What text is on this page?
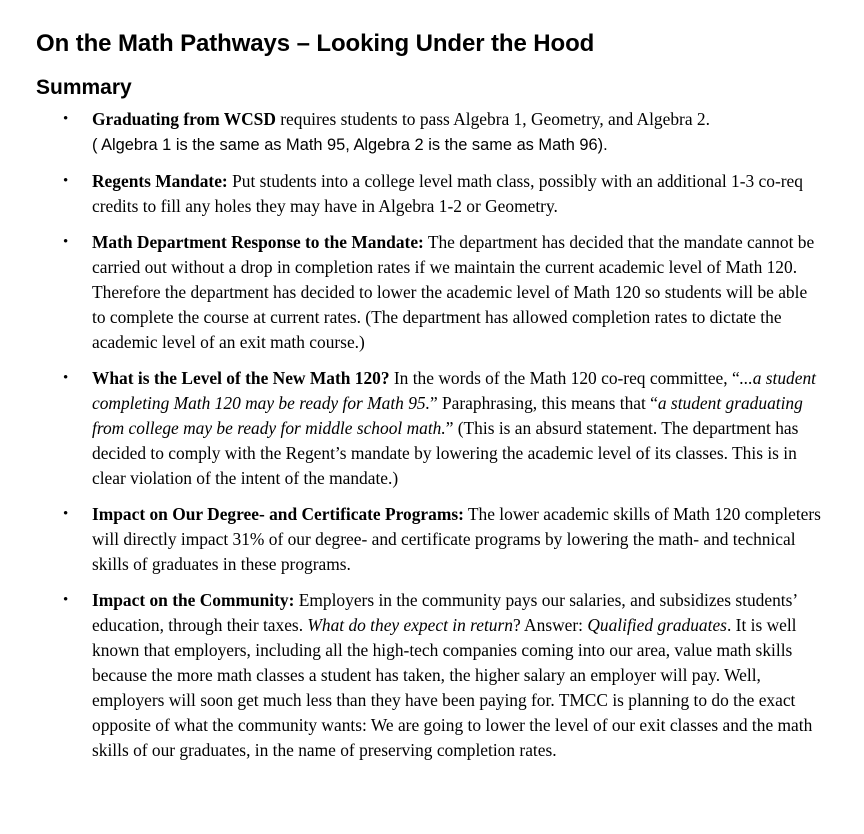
On the Math Pathways – Looking Under the Hood
Summary
• Graduating from WCSD requires students to pass Algebra 1, Geometry, and Algebra 2.
( Algebra 1 is the same as Math 95, Algebra 2 is the same as Math 96).
• Regents Mandate: Put students into a college level math class, possibly with an additional 1-3 co-req credits to fill any holes they may have in Algebra 1-2 or Geometry.
• Math Department Response to the Mandate: The department has decided that the mandate cannot be carried out without a drop in completion rates if we maintain the current academic level of Math 120. Therefore the department has decided to lower the academic level of Math 120 so students will be able to complete the course at current rates. (The department has allowed completion rates to dictate the academic level of an exit math course.)
• What is the Level of the New Math 120? In the words of the Math 120 co-req committee, “...a student completing Math 120 may be ready for Math 95.” Paraphrasing, this means that “a student graduating from college may be ready for middle school math.” (This is an absurd statement. The department has decided to comply with the Regent’s mandate by lowering the academic level of its classes. This is in clear violation of the intent of the mandate.)
• Impact on Our Degree- and Certificate Programs: The lower academic skills of Math 120 completers will directly impact 31% of our degree- and certificate programs by lowering the math- and technical skills of graduates in these programs.
• Impact on the Community: Employers in the community pays our salaries, and subsidizes students’ education, through their taxes. What do they expect in return? Answer: Qualified graduates. It is well known that employers, including all the high-tech companies coming into our area, value math skills because the more math classes a student has taken, the higher salary an employer will pay. Well, employers will soon get much less than they have been paying for. TMCC is planning to do the exact opposite of what the community wants: We are going to lower the level of our exit classes and the math skills of our graduates, in the name of preserving completion rates.
